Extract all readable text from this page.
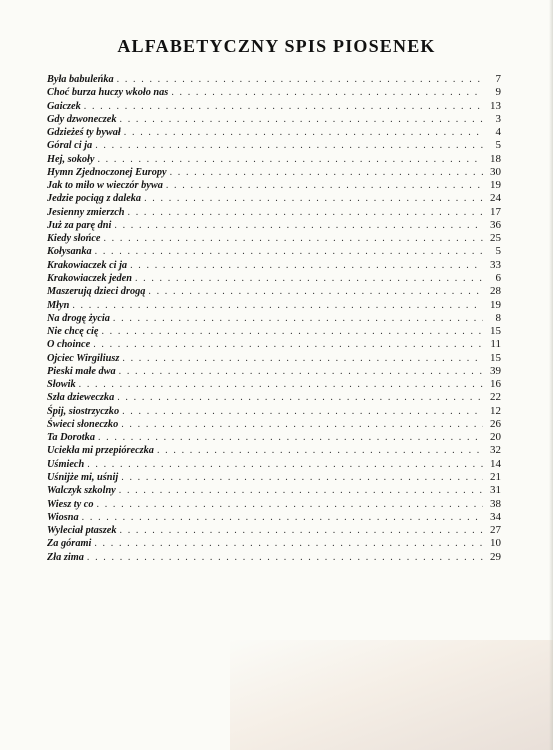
ALFABETYCZNY SPIS PIOSENEK
Była babuleńka . . .	7
Choć burza huczy wkoło nas . . .	9
Gaiczek . . .	13
Gdy dzwoneczek . . .	3
Gdzieżeś ty bywał . . .	4
Góral ci ja . . .	5
Hej, sokoły . . .	18
Hymn Zjednoczonej Europy . . .	30
Jak to miło w wieczór bywa . . .	19
Jedzie pociąg z daleka . . .	24
Jesienny zmierzch . . .	17
Już za parę dni . . .	36
Kiedy słońce . . .	25
Kołysanka . . .	5
Krakowiaczek ci ja . . .	33
Krakowiaczek jeden . . .	6
Maszerują dzieci drogą . . .	28
Młyn . . .	19
Na drogę życia . . .	8
Nie chcę cię . . .	15
O choince . . .	11
Ojciec Wirgiliusz . . .	15
Pieski małe dwa . . .	39
Słowik . . .	16
Szła dzieweczka . . .	22
Śpij, siostrzyczko . . .	12
Świeci słoneczko . . .	26
Ta Dorotka . . .	20
Uciekła mi przepióreczka . . .	32
Uśmiech . . .	14
Uśnijże mi, uśnij . . .	21
Walczyk szkolny . . .	31
Wiesz ty co . . .	38
Wiosna . . .	34
Wyleciał ptaszek . . .	27
Za górami . . .	10
Zła zima . . .	29
